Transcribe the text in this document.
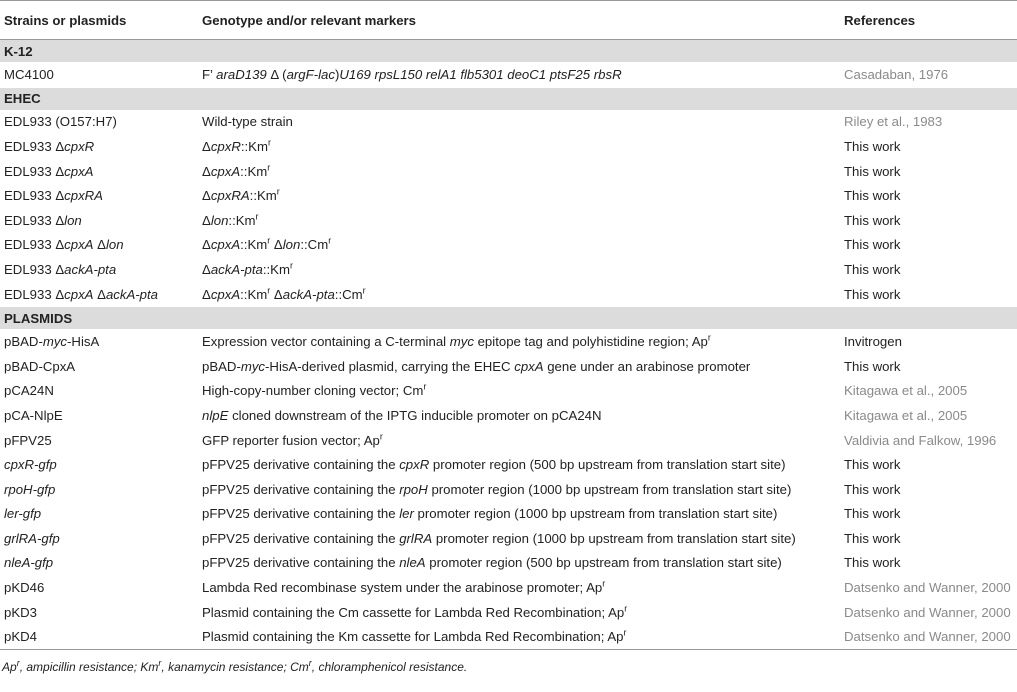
Strains or plasmids	Genotype and/or relevant markers	References
K-12		
MC4100	F’ araD139 Δ (argF-lac)U169 rpsL150 relA1 flb5301 deoC1 ptsF25 rbsR	Casadaban, 1976
EHEC		
EDL933 (O157:H7)	Wild-type strain	Riley et al., 1983
EDL933 ΔcpxR	ΔcpxR::Km$^r$	This work
EDL933 ΔcpxA	ΔcpxA::Km$^r$	This work
EDL933 ΔcpxRA	ΔcpxRA::Km$^r$	This work
EDL933 Δlon	Δlon::Km$^r$	This work
EDL933 ΔcpxA Δlon	ΔcpxA::Km$^r$ Δlon::Cm$^r$	This work
EDL933 ΔackA-pta	ΔackA-pta::Km$^r$	This work
EDL933 ΔcpxA ΔackA-pta	ΔcpxA::Km$^r$ ΔackA-pta::Cm$^r$	This work
PLASMIDS		
pBAD-myc-HisA	Expression vector containing a C-terminal myc epitope tag and polyhistidine region; Ap$^r$	Invitrogen
pBAD-CpxA	pBAD-myc-HisA-derived plasmid, carrying the EHEC cpxA gene under an arabinose promoter	This work
pCA24N	High-copy-number cloning vector; Cm$^r$	Kitagawa et al., 2005
pCA-NlpE	nlpE cloned downstream of the IPTG inducible promoter on pCA24N	Kitagawa et al., 2005
pFPV25	GFP reporter fusion vector; Ap$^r$	Valdivia and Falkow, 1996
cpxR-gfp	pFPV25 derivative containing the cpxR promoter region (500 bp upstream from translation start site)	This work
rpoH-gfp	pFPV25 derivative containing the rpoH promoter region (1000 bp upstream from translation start site)	This work
ler-gfp	pFPV25 derivative containing the ler promoter region (1000 bp upstream from translation start site)	This work
grlRA-gfp	pFPV25 derivative containing the grlRA promoter region (1000 bp upstream from translation start site)	This work
nleA-gfp	pFPV25 derivative containing the nleA promoter region (500 bp upstream from translation start site)	This work
pKD46	Lambda Red recombinase system under the arabinose promoter; Ap$^r$	Datsenko and Wanner, 2000
pKD3	Plasmid containing the Cm cassette for Lambda Red Recombination; Ap$^r$	Datsenko and Wanner, 2000
pKD4	Plasmid containing the Km cassette for Lambda Red Recombination; Ap$^r$	Datsenko and Wanner, 2000
Ap$^r$, ampicillin resistance; Km$^r$, kanamycin resistance; Cm$^r$, chloramphenicol resistance.
